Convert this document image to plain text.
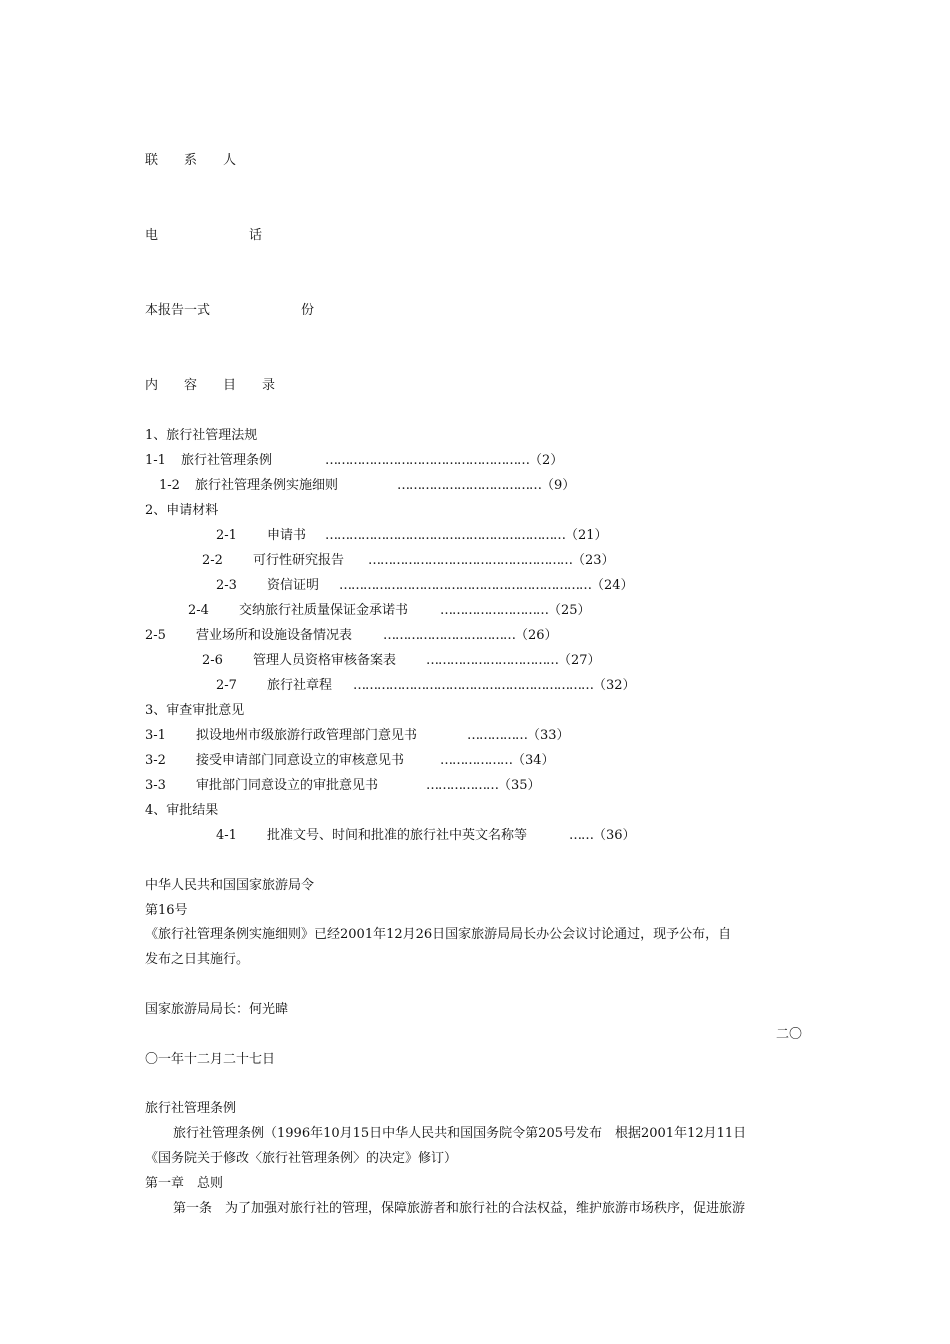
联　　系　　人
电　　　　　　　话
本报告一式　　　　　　　份
内　　容　　目　　录
1、旅行社管理法规
1-1	旅行社管理条例	…………………………………………… （2）
1-2	旅行社管理条例实施细则	……………………………… （9）
2、申请材料
2-1	申请书	…………………………………………………… （21）
2-2	可行性研究报告	…………………………………………… （23）
2-3	资信证明	……………………………………………………… （24）
2-4	交纳旅行社质量保证金承诺书	……………………… （25）
2-5	营业场所和设施设备情况表	…………………………… （26）
2-6	管理人员资格审核备案表	…………………………… （27）
2-7	旅行社章程	…………………………………………………… （32）
3、审查审批意见
3-1	拟设地州市级旅游行政管理部门意见书	…………… （33）
3-2	接受申请部门同意设立的审核意见书	……………… （34）
3-3	审批部门同意设立的审批意见书	……………… （35）
4、审批结果
4-1	批准文号、时间和批准的旅行社中英文名称等	…… （36）
中华人民共和国国家旅游局令
第16号
《旅行社管理条例实施细则》已经2001年12月26日国家旅游局局长办公会议讨论通过，现予公布，自
发布之日其施行。
国家旅游局局长：何光暐
二〇
〇一年十二月二十七日
旅行社管理条例
旅行社管理条例（1996年10月15日中华人民共和国国务院令第205号发布　根据2001年12月11日
《国务院关于修改〈旅行社管理条例〉的决定》修订）
第一章　总则
第一条　为了加强对旅行社的管理，保障旅游者和旅行社的合法权益，维护旅游市场秩序，促进旅游
